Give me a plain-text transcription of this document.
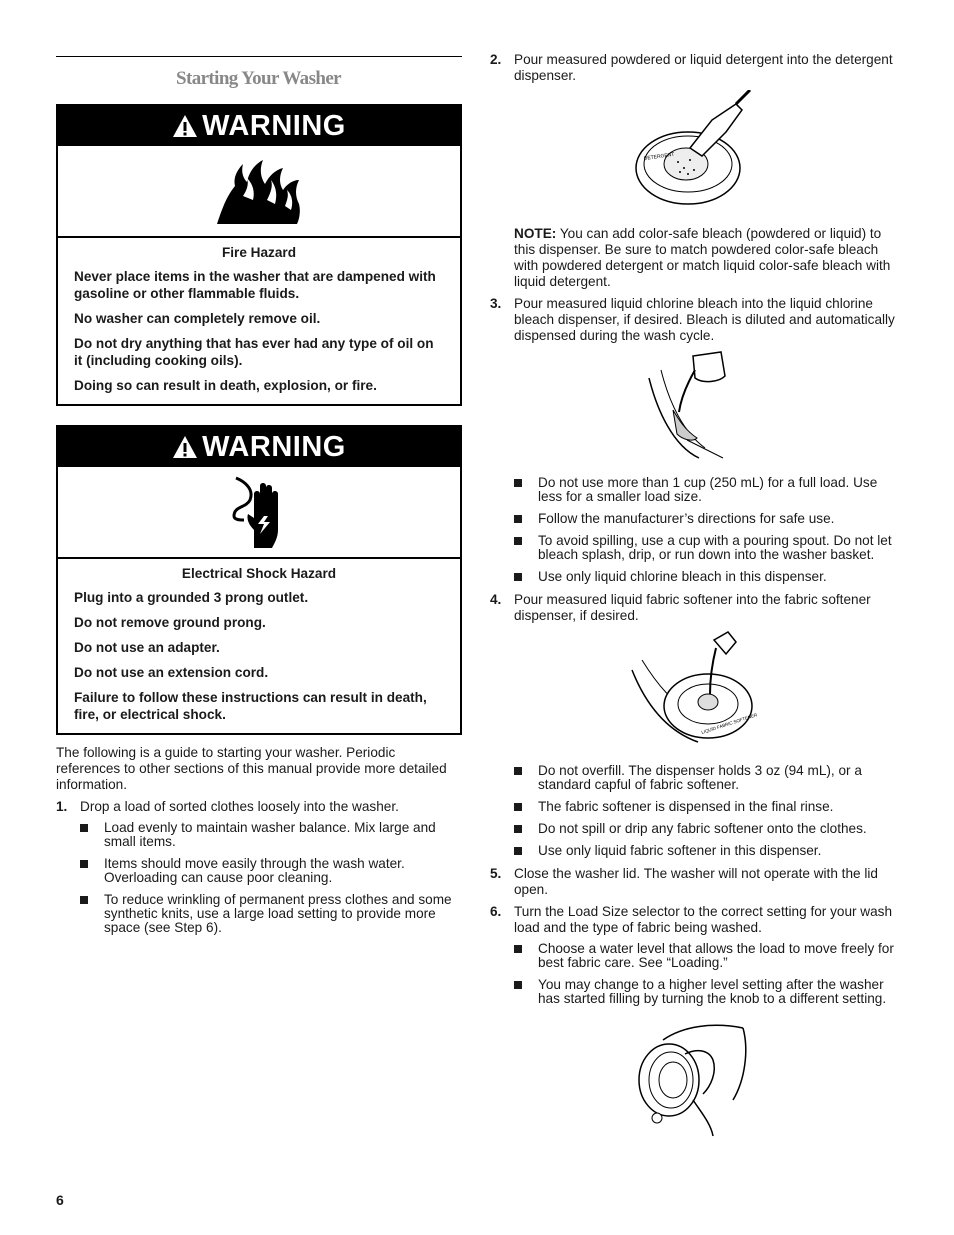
Starting Your Washer
WARNING

Fire Hazard

Never place items in the washer that are dampened with gasoline or other flammable fluids.

No washer can completely remove oil.

Do not dry anything that has ever had any type of oil on it (including cooking oils).

Doing so can result in death, explosion, or fire.

WARNING

Electrical Shock Hazard

Plug into a grounded 3 prong outlet.

Do not remove ground prong.

Do not use an adapter.

Do not use an extension cord.

Failure to follow these instructions can result in death, fire, or electrical shock.

The following is a guide to starting your washer. Periodic references to other sections of this manual provide more detailed information.

1. Drop a load of sorted clothes loosely into the washer.
Load evenly to maintain washer balance. Mix large and small items.
Items should move easily through the wash water. Overloading can cause poor cleaning.
To reduce wrinkling of permanent press clothes and some synthetic knits, use a large load setting to provide more space (see Step 6).
2. Pour measured powdered or liquid detergent into the detergent dispenser.
DETERGENT

NOTE: You can add color-safe bleach (powdered or liquid) to this dispenser. Be sure to match powdered color-safe bleach with powdered detergent or match liquid color-safe bleach with liquid detergent.

3. Pour measured liquid chlorine bleach into the liquid chlorine bleach dispenser, if desired. Bleach is diluted and automatically dispensed during the wash cycle.
Do not use more than 1 cup (250 mL) for a full load. Use less for a smaller load size.
Follow the manufacturer’s directions for safe use.
To avoid spilling, use a cup with a pouring spout. Do not let bleach splash, drip, or run down into the washer basket.
Use only liquid chlorine bleach in this dispenser.
4. Pour measured liquid fabric softener into the fabric softener dispenser, if desired.
LIQUID FABRIC SOFTENER
Do not overfill. The dispenser holds 3 oz (94 mL), or a standard capful of fabric softener.
The fabric softener is dispensed in the final rinse.
Do not spill or drip any fabric softener onto the clothes.
Use only liquid fabric softener in this dispenser.
5. Close the washer lid. The washer will not operate with the lid open.
6. Turn the Load Size selector to the correct setting for your wash load and the type of fabric being washed.
Choose a water level that allows the load to move freely for best fabric care. See “Loading.”
You may change to a higher level setting after the washer has started filling by turning the knob to a different setting.
6
